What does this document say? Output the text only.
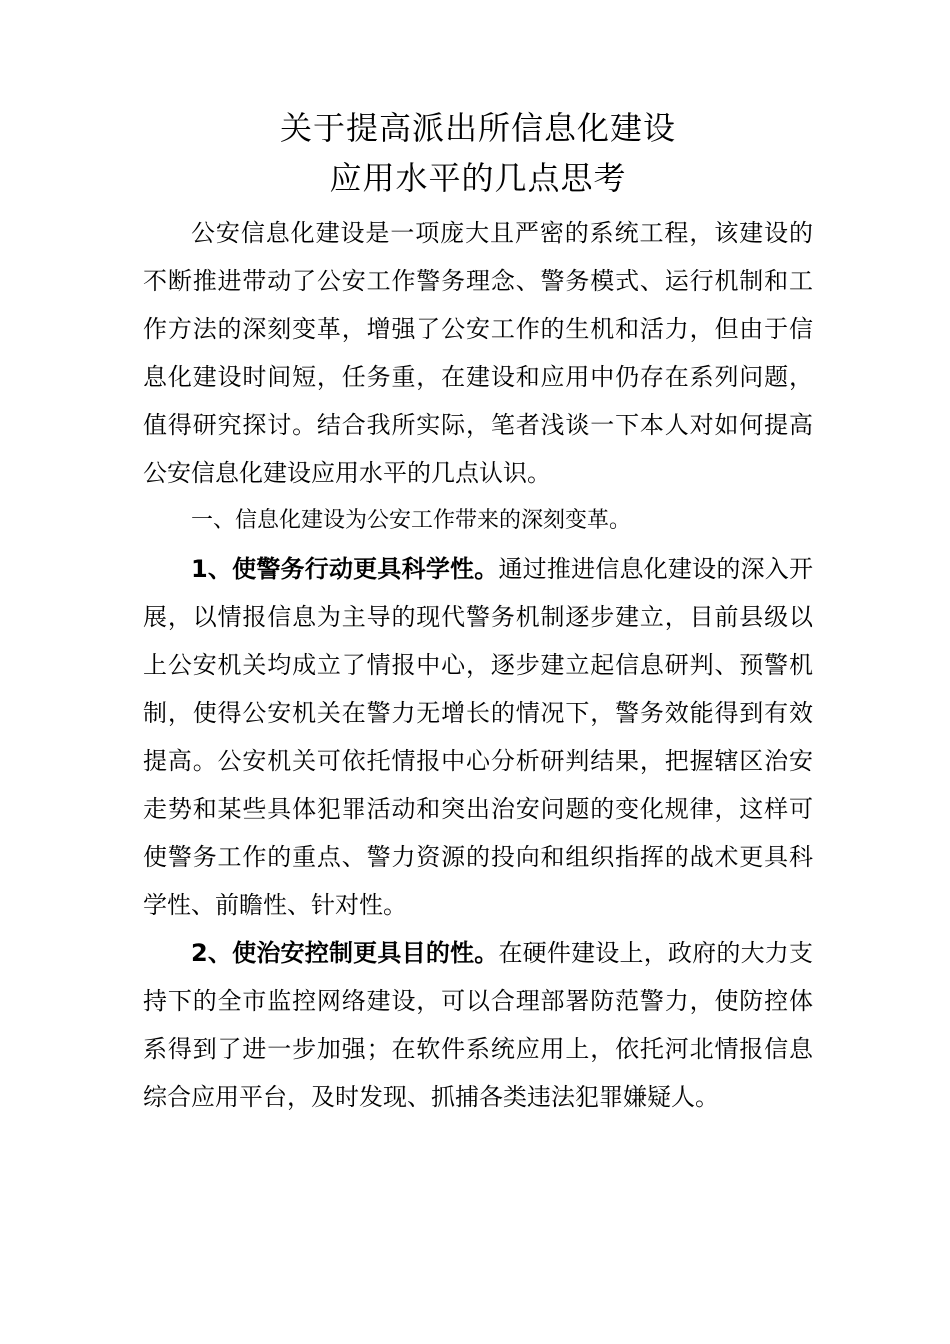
关于提高派出所信息化建设
应用水平的几点思考

公安信息化建设是一项庞大且严密的系统工程，该建设的不断推进带动了公安工作警务理念、警务模式、运行机制和工作方法的深刻变革，增强了公安工作的生机和活力，但由于信息化建设时间短，任务重，在建设和应用中仍存在系列问题，值得研究探讨。结合我所实际，笔者浅谈一下本人对如何提高公安信息化建设应用水平的几点认识。

一、信息化建设为公安工作带来的深刻变革。

1、使警务行动更具科学性。通过推进信息化建设的深入开展，以情报信息为主导的现代警务机制逐步建立，目前县级以上公安机关均成立了情报中心，逐步建立起信息研判、预警机制，使得公安机关在警力无增长的情况下，警务效能得到有效提高。公安机关可依托情报中心分析研判结果，把握辖区治安走势和某些具体犯罪活动和突出治安问题的变化规律，这样可使警务工作的重点、警力资源的投向和组织指挥的战术更具科学性、前瞻性、针对性。

2、使治安控制更具目的性。在硬件建设上，政府的大力支持下的全市监控网络建设，可以合理部署防范警力，使防控体系得到了进一步加强；在软件系统应用上，依托河北情报信息综合应用平台，及时发现、抓捕各类违法犯罪嫌疑人。
